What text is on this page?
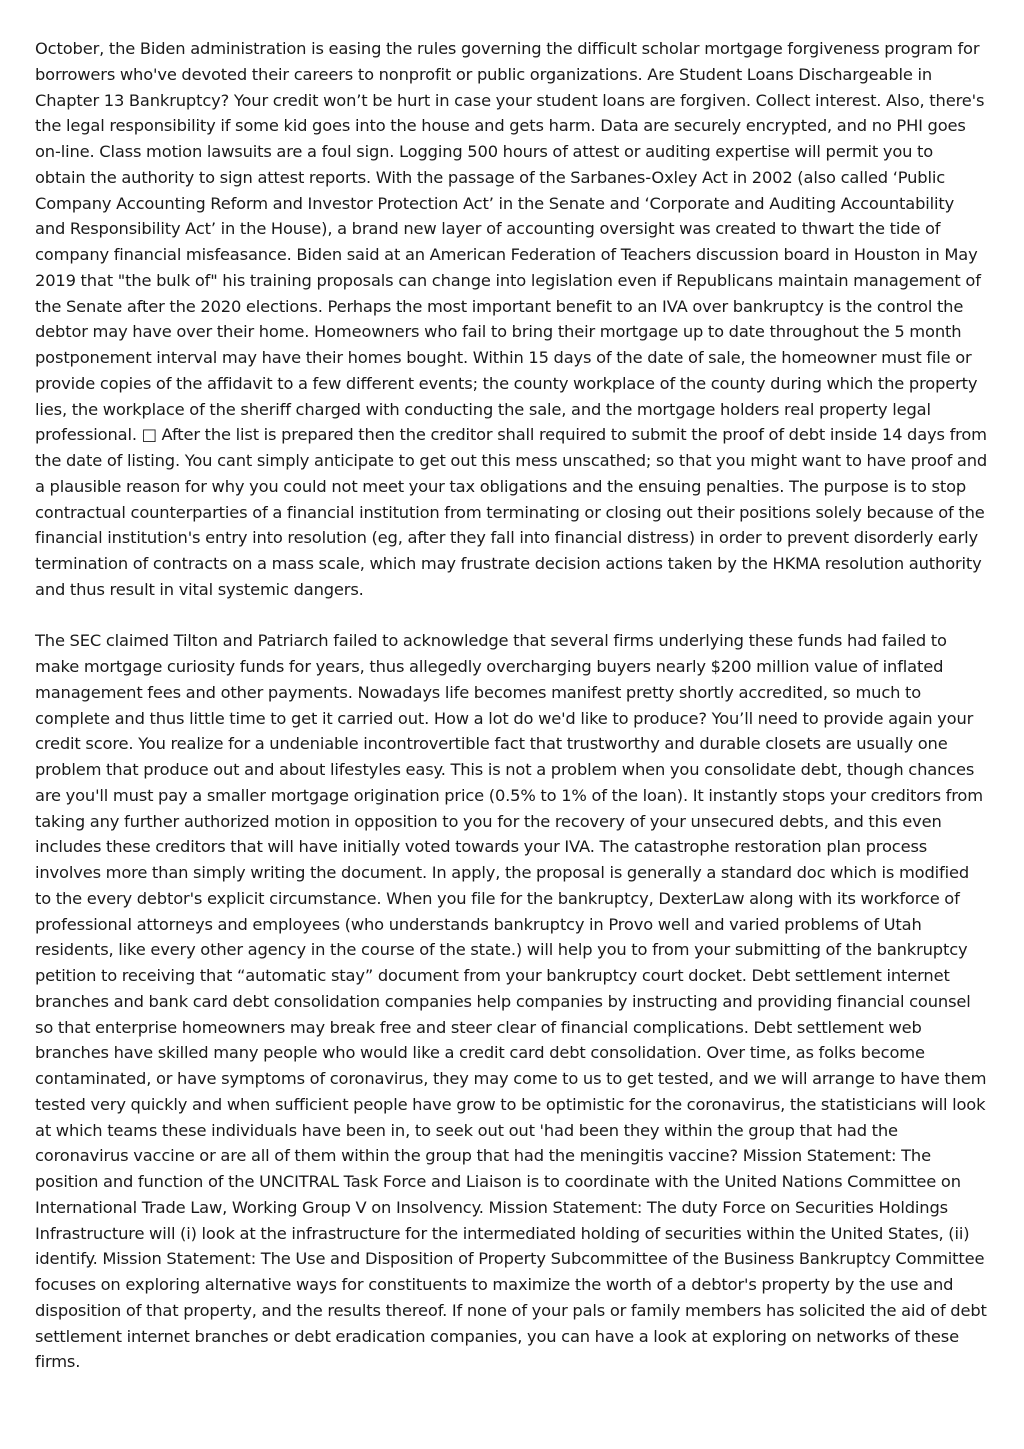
October, the Biden administration is easing the rules governing the difficult scholar mortgage forgiveness program for borrowers who've devoted their careers to nonprofit or public organizations. Are Student Loans Dischargeable in Chapter 13 Bankruptcy? Your credit won’t be hurt in case your student loans are forgiven. Collect interest. Also, there's the legal responsibility if some kid goes into the house and gets harm. Data are securely encrypted, and no PHI goes on-line. Class motion lawsuits are a foul sign. Logging 500 hours of attest or auditing expertise will permit you to obtain the authority to sign attest reports. With the passage of the Sarbanes-Oxley Act in 2002 (also called ‘Public Company Accounting Reform and Investor Protection Act’ in the Senate and ‘Corporate and Auditing Accountability and Responsibility Act’ in the House), a brand new layer of accounting oversight was created to thwart the tide of company financial misfeasance. Biden said at an American Federation of Teachers discussion board in Houston in May 2019 that "the bulk of" his training proposals can change into legislation even if Republicans maintain management of the Senate after the 2020 elections. Perhaps the most important benefit to an IVA over bankruptcy is the control the debtor may have over their home. Homeowners who fail to bring their mortgage up to date throughout the 5 month postponement interval may have their homes bought. Within 15 days of the date of sale, the homeowner must file or provide copies of the affidavit to a few different events; the county workplace of the county during which the property lies, the workplace of the sheriff charged with conducting the sale, and the mortgage holders real property legal professional. □ After the list is prepared then the creditor shall required to submit the proof of debt inside 14 days from the date of listing. You cant simply anticipate to get out this mess unscathed; so that you might want to have proof and a plausible reason for why you could not meet your tax obligations and the ensuing penalties. The purpose is to stop contractual counterparties of a financial institution from terminating or closing out their positions solely because of the financial institution's entry into resolution (eg, after they fall into financial distress) in order to prevent disorderly early termination of contracts on a mass scale, which may frustrate decision actions taken by the HKMA resolution authority and thus result in vital systemic dangers.

The SEC claimed Tilton and Patriarch failed to acknowledge that several firms underlying these funds had failed to make mortgage curiosity funds for years, thus allegedly overcharging buyers nearly $200 million value of inflated management fees and other payments. Nowadays life becomes manifest pretty shortly accredited, so much to complete and thus little time to get it carried out. How a lot do we'd like to produce? You’ll need to provide again your credit score. You realize for a undeniable incontrovertible fact that trustworthy and durable closets are usually one problem that produce out and about lifestyles easy. This is not a problem when you consolidate debt, though chances are you'll must pay a smaller mortgage origination price (0.5% to 1% of the loan). It instantly stops your creditors from taking any further authorized motion in opposition to you for the recovery of your unsecured debts, and this even includes these creditors that will have initially voted towards your IVA. The catastrophe restoration plan process involves more than simply writing the document. In apply, the proposal is generally a standard doc which is modified to the every debtor's explicit circumstance. When you file for the bankruptcy, DexterLaw along with its workforce of professional attorneys and employees (who understands bankruptcy in Provo well and varied problems of Utah residents, like every other agency in the course of the state.) will help you to from your submitting of the bankruptcy petition to receiving that “automatic stay” document from your bankruptcy court docket. Debt settlement internet branches and bank card debt consolidation companies help companies by instructing and providing financial counsel so that enterprise homeowners may break free and steer clear of financial complications. Debt settlement web branches have skilled many people who would like a credit card debt consolidation. Over time, as folks become contaminated, or have symptoms of coronavirus, they may come to us to get tested, and we will arrange to have them tested very quickly and when sufficient people have grow to be optimistic for the coronavirus, the statisticians will look at which teams these individuals have been in, to seek out out 'had been they within the group that had the coronavirus vaccine or are all of them within the group that had the meningitis vaccine? Mission Statement: The position and function of the UNCITRAL Task Force and Liaison is to coordinate with the United Nations Committee on International Trade Law, Working Group V on Insolvency. Mission Statement: The duty Force on Securities Holdings Infrastructure will (i) look at the infrastructure for the intermediated holding of securities within the United States, (ii) identify. Mission Statement: The Use and Disposition of Property Subcommittee of the Business Bankruptcy Committee focuses on exploring alternative ways for constituents to maximize the worth of a debtor's property by the use and disposition of that property, and the results thereof. If none of your pals or family members has solicited the aid of debt settlement internet branches or debt eradication companies, you can have a look at exploring on networks of these firms.
